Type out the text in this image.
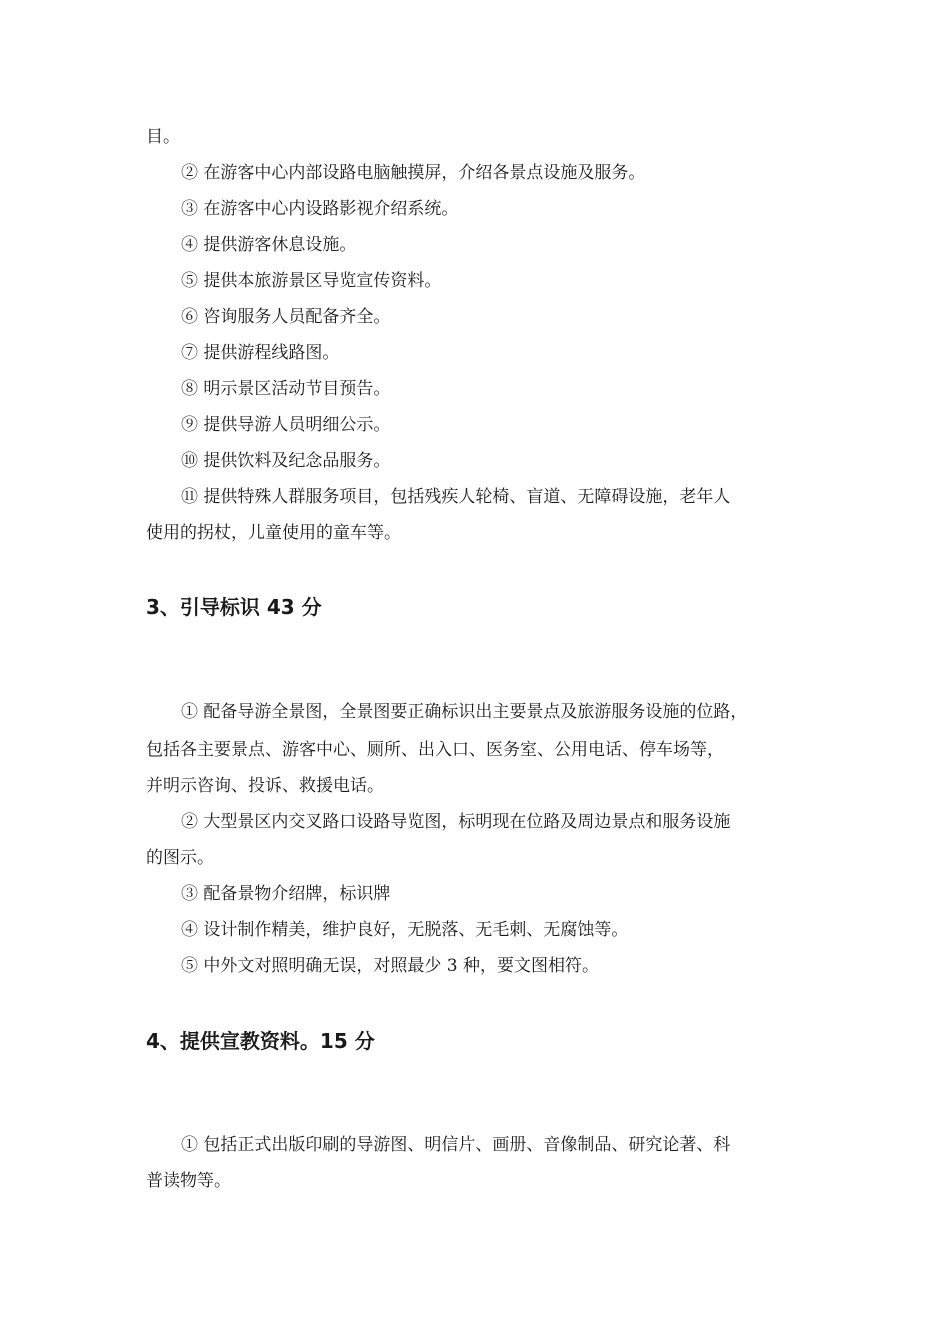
目。
② 在游客中心内部设路电脑触摸屏，介绍各景点设施及服务。
③ 在游客中心内设路影视介绍系统。
④ 提供游客休息设施。
⑤ 提供本旅游景区导览宣传资料。
⑥ 咨询服务人员配备齐全。
⑦ 提供游程线路图。
⑧ 明示景区活动节目预告。
⑨ 提供导游人员明细公示。
⑩ 提供饮料及纪念品服务。
⑪ 提供特殊人群服务项目，包括残疾人轮椅、盲道、无障碍设施，老年人
使用的拐杖，儿童使用的童车等。
3、引导标识 43 分
① 配备导游全景图，全景图要正确标识出主要景点及旅游服务设施的位路，
包括各主要景点、游客中心、厕所、出入口、医务室、公用电话、停车场等，
并明示咨询、投诉、救援电话。
② 大型景区内交叉路口设路导览图，标明现在位路及周边景点和服务设施
的图示。
③ 配备景物介绍牌，标识牌
④ 设计制作精美，维护良好，无脱落、无毛刺、无腐蚀等。
⑤ 中外文对照明确无误，对照最少 3 种，要文图相符。
4、提供宣教资料。15 分
① 包括正式出版印刷的导游图、明信片、画册、音像制品、研究论著、科
普读物等。
